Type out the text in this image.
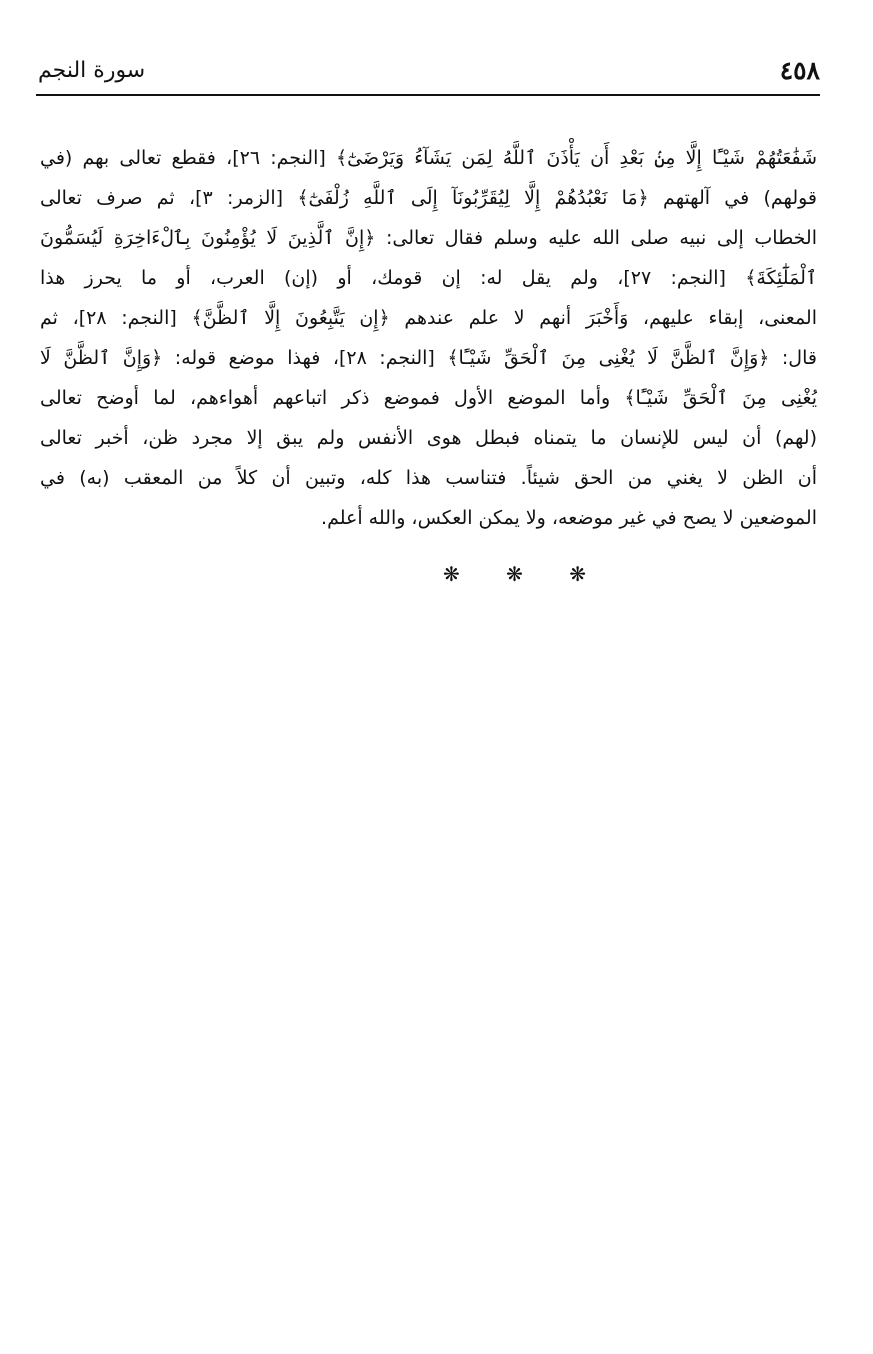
٤٥٨
سورة النجم
شَفَٰعَتُهُمْ شَيْـًٔا إِلَّا مِنۢ بَعْدِ أَن يَأْذَنَ ٱللَّهُ لِمَن يَشَآءُ وَيَرْضَىٰٓ﴾ [النجم: ٢٦]، فقطع تعالى بهم (في
قولهم) في آلهتهم ﴿مَا نَعْبُدُهُمْ إِلَّا لِيُقَرِّبُونَآ إِلَى ٱللَّهِ زُلْفَىٰٓ﴾ [الزمر: ٣]، ثم صرف تعالى
الخطاب إلى نبيه صلى الله عليه وسلم فقال تعالى: ﴿إِنَّ ٱلَّذِينَ لَا يُؤْمِنُونَ بِٱلْءَاخِرَةِ لَيُسَمُّونَ
ٱلْمَلَٰٓئِكَةَ﴾ [النجم: ٢٧]، ولم يقل له: إن قومك، أو (إن) العرب، أو ما يحرز هذا
المعنى، إبقاء عليهم، وَأَخْبَرَ أنهم لا علم عندهم ﴿إِن يَتَّبِعُونَ إِلَّا ٱلظَّنَّ﴾ [النجم: ٢٨]، ثم
قال: ﴿وَإِنَّ ٱلظَّنَّ لَا يُغْنِى مِنَ ٱلْحَقِّ شَيْـًٔا﴾ [النجم: ٢٨]، فهذا موضع قوله: ﴿وَإِنَّ ٱلظَّنَّ لَا
يُغْنِى مِنَ ٱلْحَقِّ شَيْـًٔا﴾ وأما الموضع الأول فموضع ذكر اتباعهم أهواءهم، لما أوضح تعالى
(لهم) أن ليس للإنسان ما يتمناه فبطل هوى الأنفس ولم يبق إلا مجرد ظن، أخبر تعالى
أن الظن لا يغني من الحق شيئاً. فتناسب هذا كله، وتبين أن كلاً من المعقب (به) في
الموضعين لا يصح في غير موضعه، ولا يمكن العكس، والله أعلم.
❋ ❋ ❋
